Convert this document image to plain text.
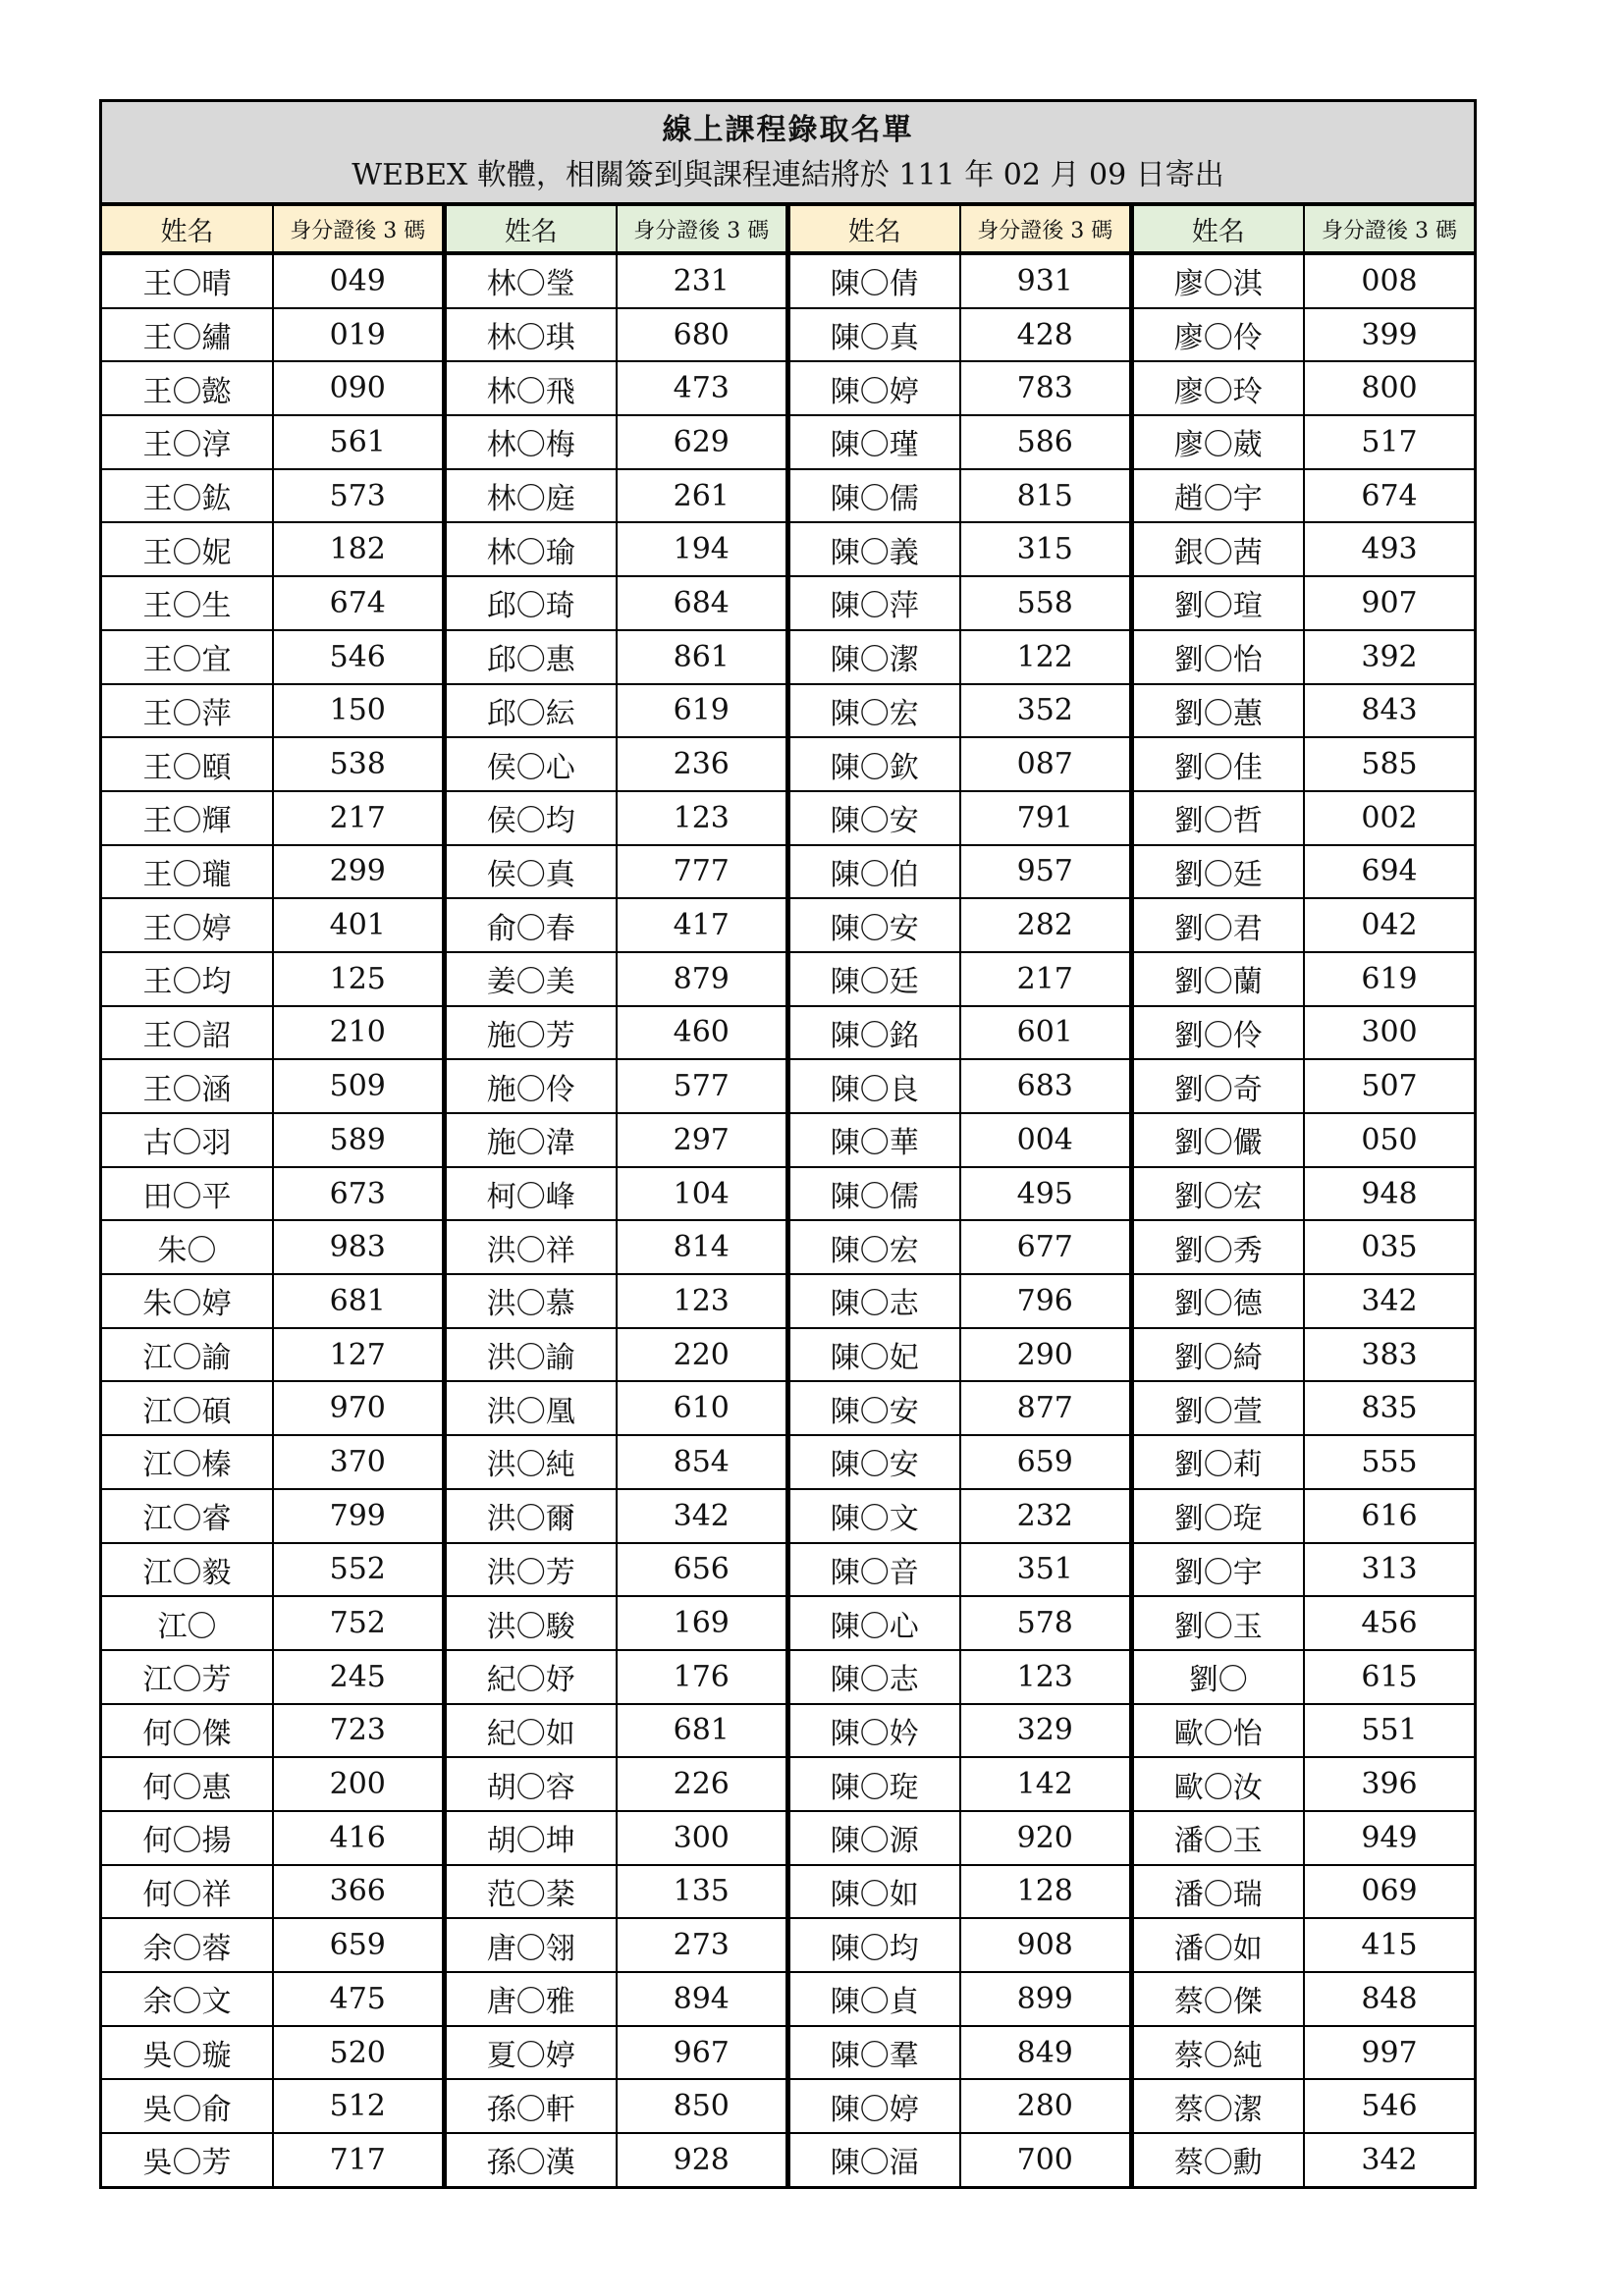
線上課程錄取名單
WEBEX 軟體，相關簽到與課程連結將於 111 年 02 月 09 日寄出
姓名	身分證後 3 碼	姓名	身分證後 3 碼	姓名	身分證後 3 碼	姓名	身分證後 3 碼
王〇晴	049	林〇瑩	231	陳〇倩	931	廖〇淇	008
王〇繡	019	林〇琪	680	陳〇真	428	廖〇伶	399
王〇懿	090	林〇飛	473	陳〇婷	783	廖〇玲	800
王〇淳	561	林〇梅	629	陳〇瑾	586	廖〇葳	517
王〇鈜	573	林〇庭	261	陳〇儒	815	趙〇宇	674
王〇妮	182	林〇瑜	194	陳〇義	315	銀〇茜	493
王〇生	674	邱〇琦	684	陳〇萍	558	劉〇瑄	907
王〇宜	546	邱〇惠	861	陳〇潔	122	劉〇怡	392
王〇萍	150	邱〇紜	619	陳〇宏	352	劉〇蕙	843
王〇頤	538	侯〇心	236	陳〇欽	087	劉〇佳	585
王〇輝	217	侯〇均	123	陳〇安	791	劉〇哲	002
王〇瓏	299	侯〇真	777	陳〇伯	957	劉〇廷	694
王〇婷	401	俞〇春	417	陳〇安	282	劉〇君	042
王〇均	125	姜〇美	879	陳〇廷	217	劉〇蘭	619
王〇詔	210	施〇芳	460	陳〇銘	601	劉〇伶	300
王〇涵	509	施〇伶	577	陳〇良	683	劉〇奇	507
古〇羽	589	施〇湋	297	陳〇華	004	劉〇儼	050
田〇平	673	柯〇峰	104	陳〇儒	495	劉〇宏	948
朱〇	983	洪〇祥	814	陳〇宏	677	劉〇秀	035
朱〇婷	681	洪〇慕	123	陳〇志	796	劉〇德	342
江〇諭	127	洪〇諭	220	陳〇妃	290	劉〇綺	383
江〇碩	970	洪〇凰	610	陳〇安	877	劉〇萱	835
江〇榛	370	洪〇純	854	陳〇安	659	劉〇莉	555
江〇睿	799	洪〇爾	342	陳〇文	232	劉〇琁	616
江〇毅	552	洪〇芳	656	陳〇音	351	劉〇宇	313
江〇	752	洪〇駿	169	陳〇心	578	劉〇玉	456
江〇芳	245	紀〇妤	176	陳〇志	123	劉〇	615
何〇傑	723	紀〇如	681	陳〇妗	329	歐〇怡	551
何〇惠	200	胡〇容	226	陳〇琁	142	歐〇汝	396
何〇揚	416	胡〇坤	300	陳〇源	920	潘〇玉	949
何〇祥	366	范〇棻	135	陳〇如	128	潘〇瑞	069
余〇蓉	659	唐〇翎	273	陳〇均	908	潘〇如	415
余〇文	475	唐〇雅	894	陳〇貞	899	蔡〇傑	848
吳〇璇	520	夏〇婷	967	陳〇羣	849	蔡〇純	997
吳〇俞	512	孫〇軒	850	陳〇婷	280	蔡〇潔	546
吳〇芳	717	孫〇漢	928	陳〇湢	700	蔡〇勳	342
